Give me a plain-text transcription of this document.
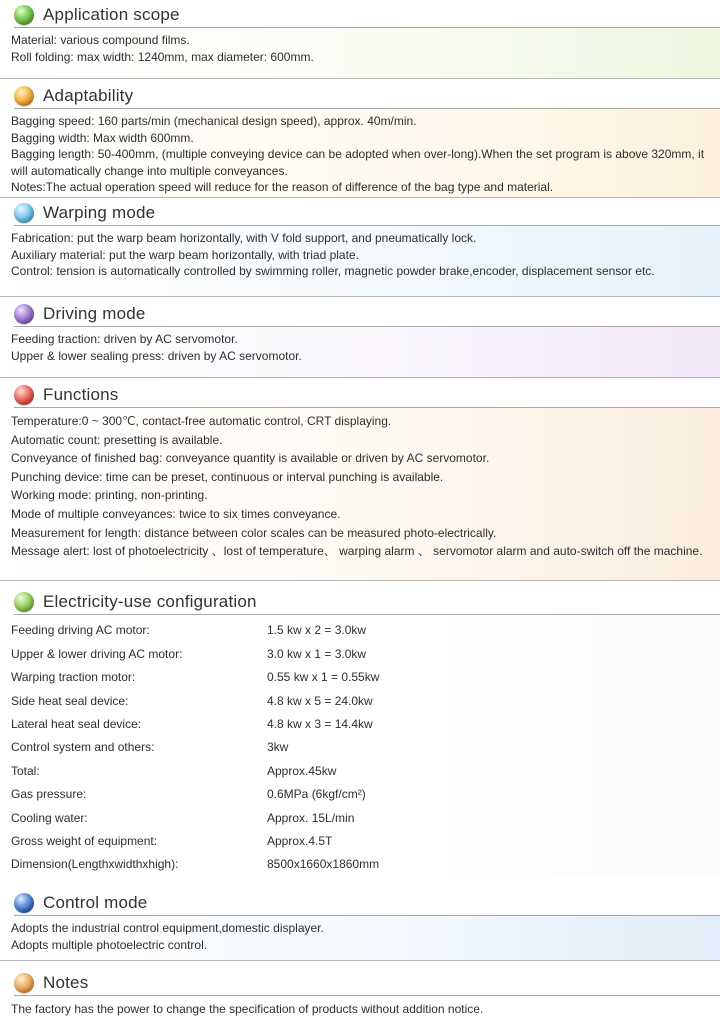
Application scope

Material: various compound films.

Roll folding: max width: 1240mm, max diameter: 600mm.

Adaptability

Bagging speed: 160 parts/min (mechanical design speed), approx. 40m/min.

Bagging width: Max width 600mm.

Bagging length: 50-400mm, (multiple conveying device can be adopted when over-long).When the set program is above 320mm, it will automatically change into multiple conveyances.

Notes:The actual operation speed will reduce for the reason of difference of the bag type and material.

Warping mode

Fabrication: put the warp beam horizontally, with V fold support, and pneumatically lock.

Auxiliary material: put the warp beam horizontally, with triad plate.

Control: tension is automatically controlled by swimming roller, magnetic powder brake,encoder, displacement sensor etc.

Driving mode

Feeding traction: driven by AC servomotor.

Upper & lower sealing press: driven by AC servomotor.

Functions

Temperature:0 ~ 300℃, contact-free automatic control, CRT displaying.

Automatic count: presetting is available.

Conveyance of finished bag: conveyance quantity is available or driven by AC servomotor.

Punching device: time can be preset, continuous or interval punching is available.

Working mode: printing, non-printing.

Mode of multiple conveyances: twice to six times conveyance.

Measurement for length: distance between color scales can be measured photo-electrically.

Message alert: lost of photoelectricity 、lost of temperature、 warping alarm 、 servomotor alarm and auto-switch off the machine.

Electricity-use configuration
Feeding driving AC motor:	1.5 kw x 2 = 3.0kw
Upper & lower driving AC motor:	3.0 kw x 1 = 3.0kw
Warping traction motor:	0.55 kw x 1 = 0.55kw
Side heat seal device:	4.8 kw x 5 = 24.0kw
Lateral heat seal device:	4.8 kw x 3 = 14.4kw
Control system and others:	3kw
Total:	Approx.45kw
Gas pressure:	0.6MPa (6kgf/cm²)
Cooling water:	Approx. 15L/min
Gross weight of equipment:	Approx.4.5T
Dimension(Lengthxwidthxhigh):	8500x1660x1860mm
Control mode

Adopts the industrial control equipment,domestic displayer.

Adopts multiple photoelectric control.

Notes

The factory has the power to change the specification of products without addition notice.
